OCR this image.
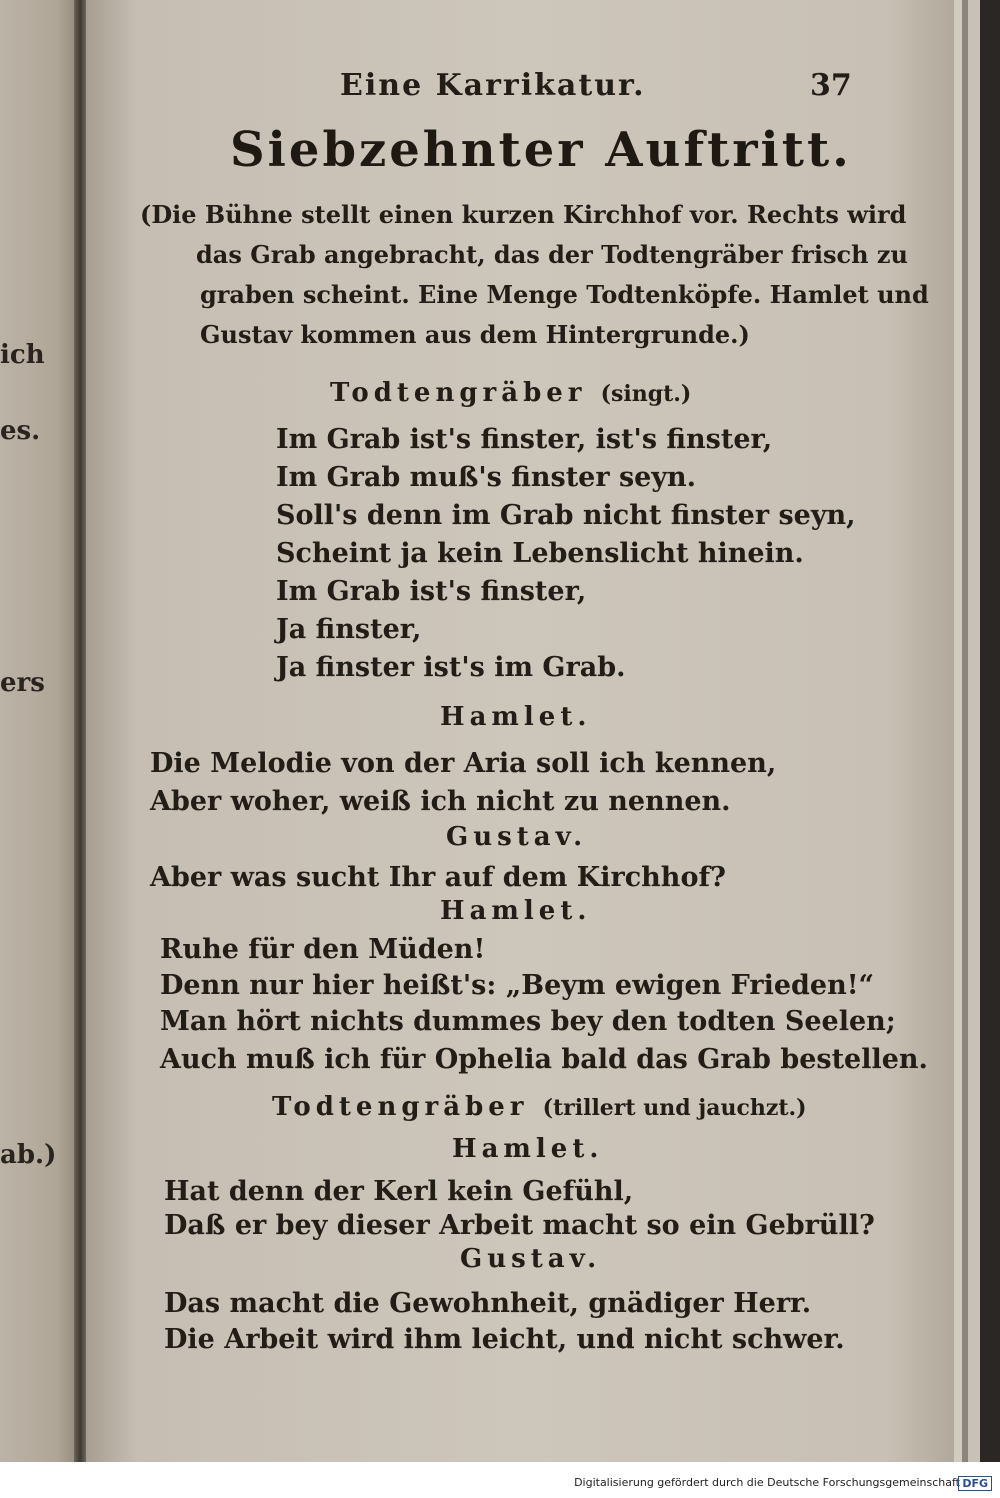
ich
es.
ers
ab.)
Eine Karrikatur.	37
Siebzehnter Auftritt.
(Die Bühne stellt einen kurzen Kirchhof vor. Rechts wird
das Grab angebracht, das der Todtengräber frisch zu
graben scheint. Eine Menge Todtenköpfe. Hamlet und
Gustav kommen aus dem Hintergrunde.)
Todtengräber (singt.)
Im Grab ist's finster, ist's finster,
Im Grab muß's finster seyn.
Soll's denn im Grab nicht finster seyn,
Scheint ja kein Lebenslicht hinein.
Im Grab ist's finster,
Ja finster,
Ja finster ist's im Grab.
Hamlet.
Die Melodie von der Aria soll ich kennen,
Aber woher, weiß ich nicht zu nennen.
Gustav.
Aber was sucht Ihr auf dem Kirchhof?
Hamlet.
Ruhe für den Müden!
Denn nur hier heißt's: „Beym ewigen Frieden!“
Man hört nichts dummes bey den todten Seelen;
Auch muß ich für Ophelia bald das Grab bestellen.
Todtengräber (trillert und jauchzt.)
Hamlet.
Hat denn der Kerl kein Gefühl,
Daß er bey dieser Arbeit macht so ein Gebrüll?
Gustav.
Das macht die Gewohnheit, gnädiger Herr.
Die Arbeit wird ihm leicht, und nicht schwer.
Digitalisierung gefördert durch die Deutsche Forschungsgemeinschaft DFG
